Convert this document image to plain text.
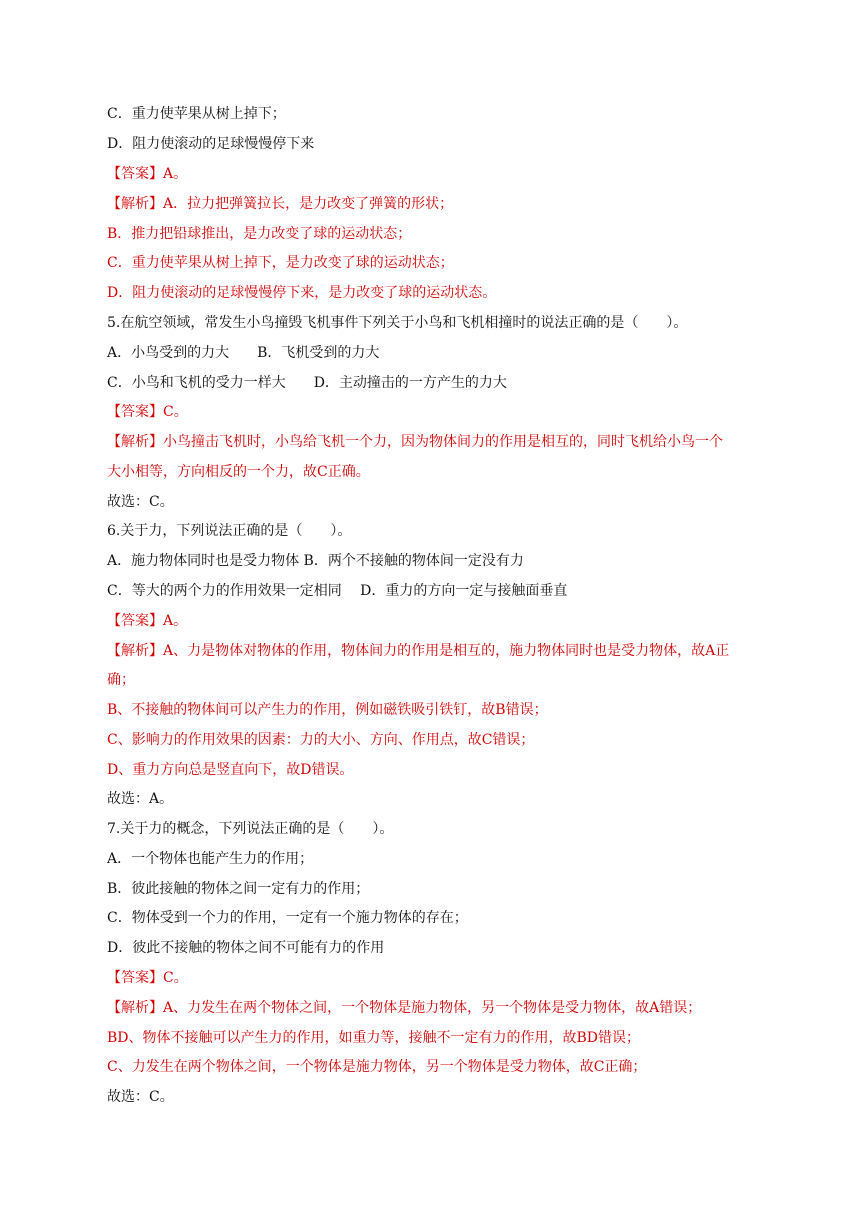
C．重力使苹果从树上掉下；
D．阻力使滚动的足球慢慢停下来
【答案】A。
【解析】A．拉力把弹簧拉长，是力改变了弹簧的形状；
B．推力把铅球推出，是力改变了球的运动状态；
C．重力使苹果从树上掉下，是力改变了球的运动状态；
D．阻力使滚动的足球慢慢停下来，是力改变了球的运动状态。
5.在航空领域，常发生小鸟撞毁飞机事件下列关于小鸟和飞机相撞时的说法正确的是（　　）。
A．小鸟受到的力大　　B．飞机受到的力大
C．小鸟和飞机的受力一样大　　D．主动撞击的一方产生的力大
【答案】C。
【解析】小鸟撞击飞机时，小鸟给飞机一个力，因为物体间力的作用是相互的，同时飞机给小鸟一个
大小相等，方向相反的一个力，故C正确。
故选：C。
6.关于力，下列说法正确的是（　　）。
A．施力物体同时也是受力物体 B．两个不接触的物体间一定没有力
C．等大的两个力的作用效果一定相同　 D．重力的方向一定与接触面垂直
【答案】A。
【解析】A、力是物体对物体的作用，物体间力的作用是相互的，施力物体同时也是受力物体，故A正
确；
B、不接触的物体间可以产生力的作用，例如磁铁吸引铁钉，故B错误；
C、影响力的作用效果的因素：力的大小、方向、作用点，故C错误；
D、重力方向总是竖直向下，故D错误。
故选：A。
7.关于力的概念，下列说法正确的是（　　）。
A．一个物体也能产生力的作用；
B．彼此接触的物体之间一定有力的作用；
C．物体受到一个力的作用，一定有一个施力物体的存在；
D．彼此不接触的物体之间不可能有力的作用
【答案】C。
【解析】A、力发生在两个物体之间，一个物体是施力物体，另一个物体是受力物体，故A错误；
BD、物体不接触可以产生力的作用，如重力等，接触不一定有力的作用，故BD错误；
C、力发生在两个物体之间，一个物体是施力物体，另一个物体是受力物体，故C正确；
故选：C。
